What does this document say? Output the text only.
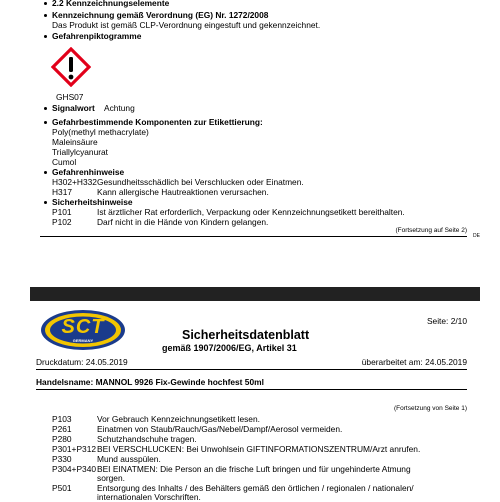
2.2 Kennzeichnungselemente
Kennzeichnung gemäß Verordnung (EG) Nr. 1272/2008
Das Produkt ist gemäß CLP-Verordnung eingestuft und gekennzeichnet.
Gefahrenpiktogramme
GHS07
Signalwort Achtung
Gefahrbestimmende Komponenten zur Etikettierung:
Poly(methyl methacrylate)
Maleinsäure
Triallylcyanurat
Cumol
Gefahrenhinweise
H302+H332 Gesundheitsschädlich bei Verschlucken oder Einatmen.
H317	Kann allergische Hautreaktionen verursachen.
Sicherheitshinweise
P101	Ist ärztlicher Rat erforderlich, Verpackung oder Kennzeichnungsetikett bereithalten.
P102	Darf nicht in die Hände von Kindern gelangen.
(Fortsetzung auf Seite 2)
DE
SCT
GERMANY	Sicherheitsdatenblatt
gemäß 1907/2006/EG, Artikel 31
Seite: 2/10
Druckdatum: 24.05.2019	überarbeitet am: 24.05.2019
Handelsname: MANNOL 9926 Fix-Gewinde hochfest 50ml
(Fortsetzung von Seite 1)
P103	Vor Gebrauch Kennzeichnungsetikett lesen.
P261	Einatmen von Staub/Rauch/Gas/Nebel/Dampf/Aerosol vermeiden.
P280	Schutzhandschuhe tragen.
P301+P312 BEI VERSCHLUCKEN: Bei Unwohlsein GIFTINFORMATIONSZENTRUM/Arzt anrufen.
P330	Mund ausspülen.
P304+P340 BEI EINATMEN: Die Person an die frische Luft bringen und für ungehinderte Atmung
sorgen.
P501	Entsorgung des Inhalts / des Behälters gemäß den örtlichen / regionalen / nationalen/
internationalen Vorschriften.
